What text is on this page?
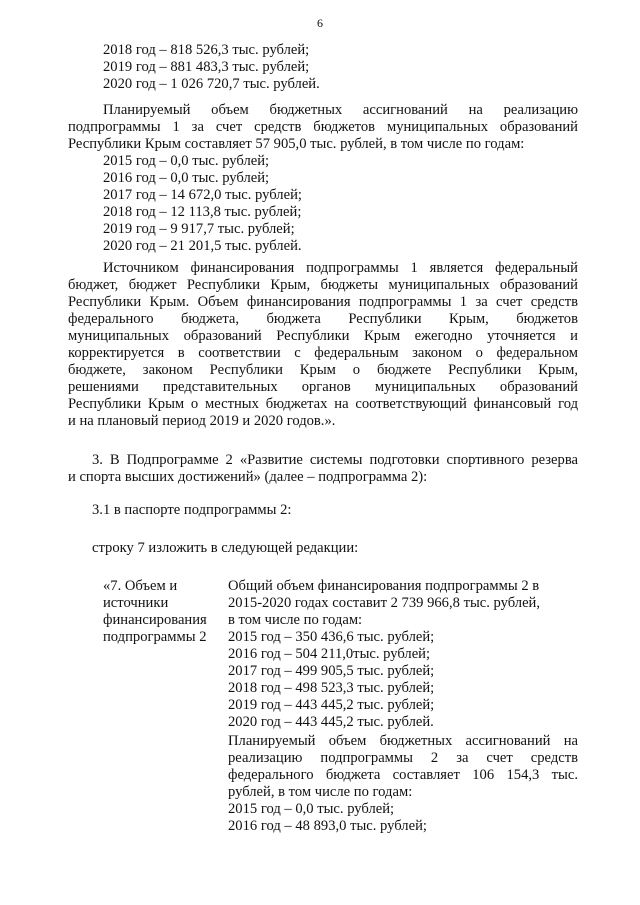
6
2018 год – 818 526,3 тыс. рублей;
2019 год – 881 483,3 тыс. рублей;
2020 год – 1 026 720,7 тыс. рублей.
Планируемый объем бюджетных ассигнований на реализацию
подпрограммы 1 за счет средств бюджетов муниципальных образований
Республики Крым составляет 57 905,0 тыс. рублей, в том числе по годам:
2015 год – 0,0 тыс. рублей;
2016 год – 0,0 тыс. рублей;
2017 год – 14 672,0 тыс. рублей;
2018 год – 12 113,8 тыс. рублей;
2019 год – 9 917,7 тыс. рублей;
2020 год – 21 201,5 тыс. рублей.
Источником финансирования подпрограммы 1 является федеральный
бюджет, бюджет Республики Крым, бюджеты муниципальных образований
Республики Крым. Объем финансирования подпрограммы 1 за счет средств
федерального бюджета, бюджета Республики Крым, бюджетов
муниципальных образований Республики Крым ежегодно уточняется и
корректируется в соответствии с федеральным законом о федеральном
бюджете, законом Республики Крым о бюджете Республики Крым,
решениями представительных органов муниципальных образований
Республики Крым о местных бюджетах на соответствующий финансовый год
и на плановый период 2019 и 2020 годов.».
3. В Подпрограмме 2 «Развитие системы подготовки спортивного резерва
и спорта высших достижений» (далее – подпрограмма 2):
3.1 в паспорте подпрограммы 2:
строку 7 изложить в следующей редакции:
«7. Объем и
источники
финансирования
подпрограммы 2
Общий объем финансирования подпрограммы 2 в
2015-2020 годах составит 2 739 966,8 тыс. рублей,
в том числе по годам:
2015 год – 350 436,6 тыс. рублей;
2016 год – 504 211,0тыс. рублей;
2017 год – 499 905,5 тыс. рублей;
2018 год – 498 523,3 тыс. рублей;
2019 год – 443 445,2 тыс. рублей;
2020 год – 443 445,2 тыс. рублей.
Планируемый объем бюджетных ассигнований на
реализацию подпрограммы 2 за счет средств
федерального бюджета составляет 106 154,3 тыс.
рублей, в том числе по годам:
2015 год – 0,0 тыс. рублей;
2016 год – 48 893,0 тыс. рублей;
